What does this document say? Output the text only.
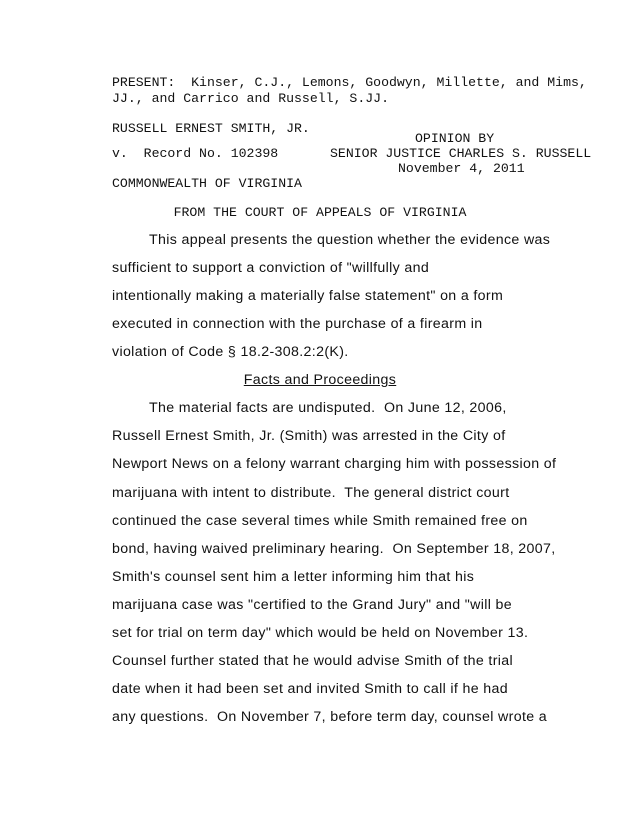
PRESENT:  Kinser, C.J., Lemons, Goodwyn, Millette, and Mims,
JJ., and Carrico and Russell, S.JJ.
RUSSELL ERNEST SMITH, JR.
OPINION BY
v.  Record No. 102398	SENIOR JUSTICE CHARLES S. RUSSELL
November 4, 2011
COMMONWEALTH OF VIRGINIA
FROM THE COURT OF APPEALS OF VIRGINIA
This appeal presents the question whether the evidence was
sufficient to support a conviction of "willfully and
intentionally making a materially false statement" on a form
executed in connection with the purchase of a firearm in
violation of Code § 18.2-308.2:2(K).
Facts and Proceedings
The material facts are undisputed.  On June 12, 2006,
Russell Ernest Smith, Jr. (Smith) was arrested in the City of
Newport News on a felony warrant charging him with possession of
marijuana with intent to distribute.  The general district court
continued the case several times while Smith remained free on
bond, having waived preliminary hearing.  On September 18, 2007,
Smith's counsel sent him a letter informing him that his
marijuana case was "certified to the Grand Jury" and "will be
set for trial on term day" which would be held on November 13.
Counsel further stated that he would advise Smith of the trial
date when it had been set and invited Smith to call if he had
any questions.  On November 7, before term day, counsel wrote a
